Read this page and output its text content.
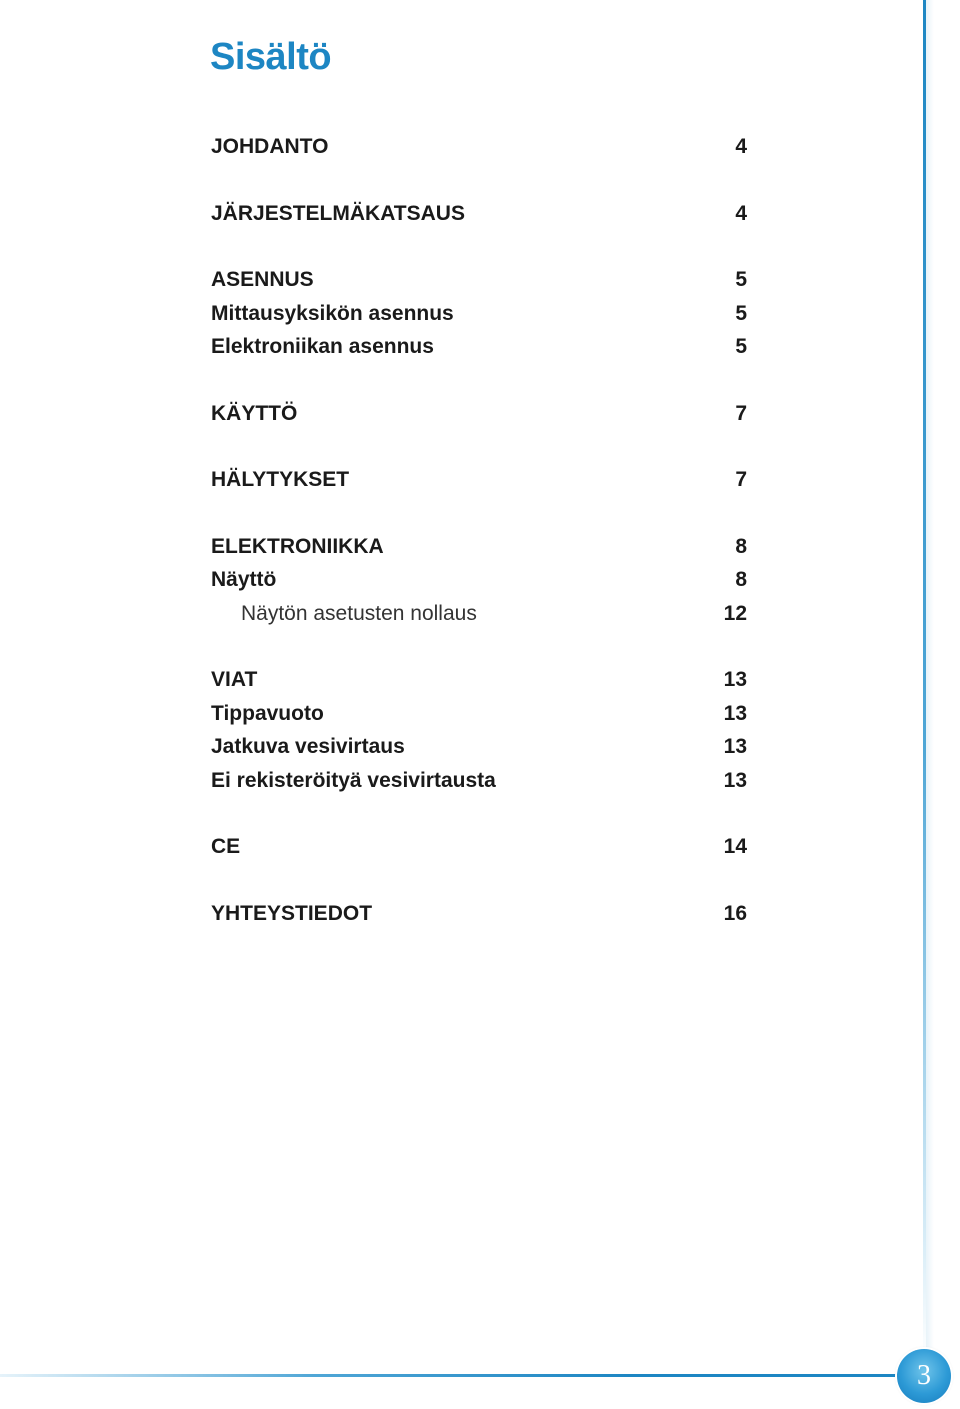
Sisältö
JOHDANTO	4
JÄRJESTELMÄKATSAUS	4
ASENNUS	5
Mittausyksikön asennus	5
Elektroniikan asennus	5
KÄYTTÖ	7
HÄLYTYKSET	7
ELEKTRONIIKKA	8
Näyttö	8
Näytön asetusten nollaus	12
VIAT	13
Tippavuoto	13
Jatkuva vesivirtaus	13
Ei rekisteröityä vesivirtausta	13
CE	14
YHTEYSTIEDOT	16
3
